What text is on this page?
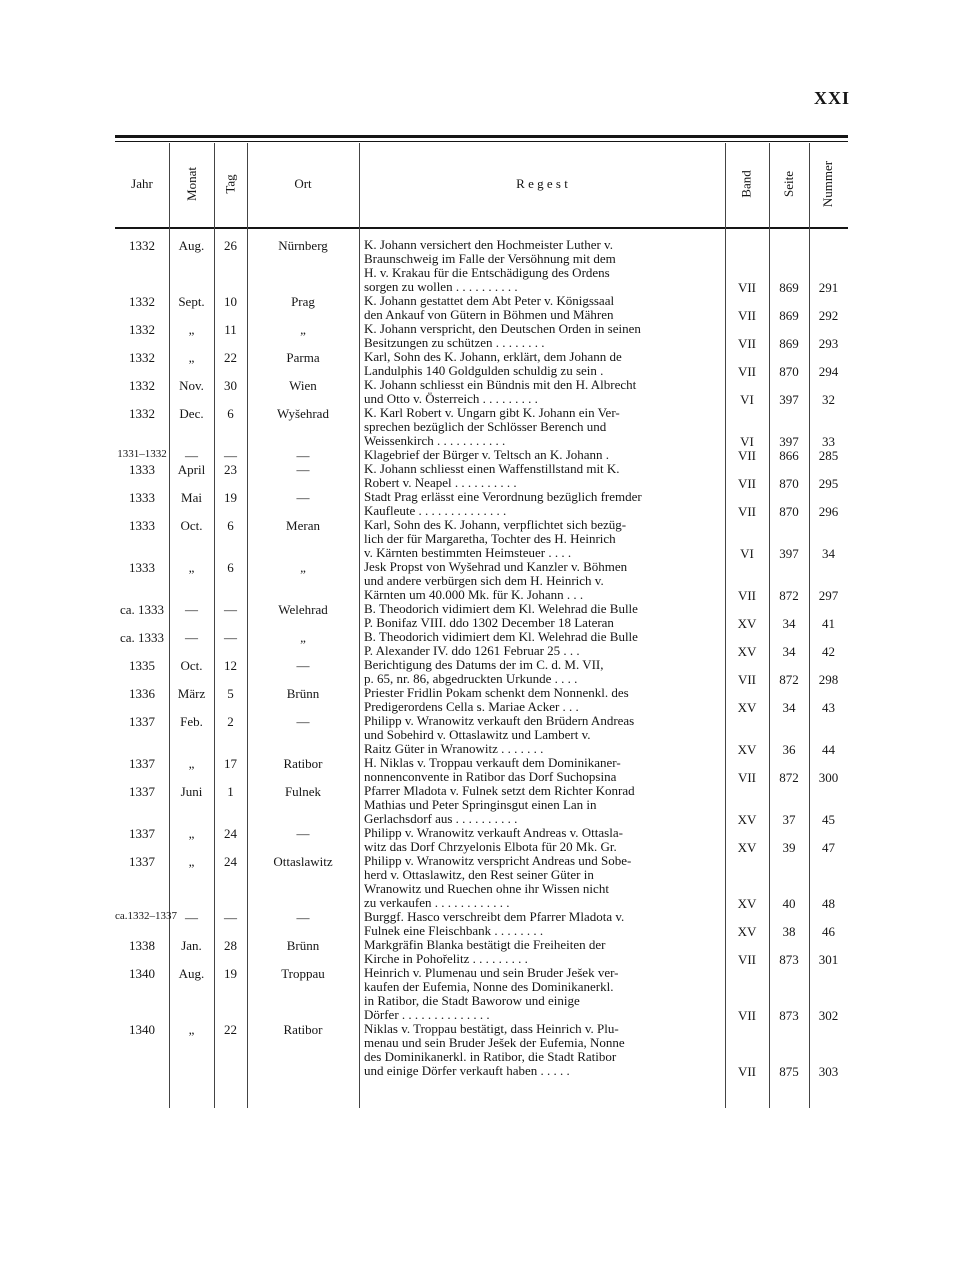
XXI
Jahr Monat Tag	Ort	R e g e s t	Band Seite Nummer
1332	Aug.	26	Nürnberg	K. Johann versichert den Hochmeister Luther v.
Braunschweig im Falle der Versöhnung mit dem
H. v. Krakau für die Entschädigung des Ordens
sorgen zu wollen . . . . . . . . . .	VII	869	291
1332	Sept.	10	Prag	K. Johann gestattet dem Abt Peter v. Königssaal
den Ankauf von Gütern in Böhmen und Mähren	VII	869	292
1332	„	11	„	K. Johann verspricht, den Deutschen Orden in seinen
Besitzungen zu schützen . . . . . . . .	VII	869	293
1332	„	22	Parma	Karl, Sohn des K. Johann, erklärt, dem Johann de
Landulphis 140 Goldgulden schuldig zu sein .	VII	870	294
1332	Nov.	30	Wien	K. Johann schliesst ein Bündnis mit den H. Albrecht
und Otto v. Österreich . . . . . . . . .	VI	397	32
1332	Dec.	6	Wyšehrad	K. Karl Robert v. Ungarn gibt K. Johann ein Ver-
sprechen bezüglich der Schlösser Berench und
Weissenkirch . . . . . . . . . . .	VI	397	33
1331–1332	—	—	—	Klagebrief der Bürger v. Teltsch an K. Johann .	VII	866	285
1333	April	23	—	K. Johann schliesst einen Waffenstillstand mit K.
Robert v. Neapel . . . . . . . . . .	VII	870	295
1333	Mai	19	—	Stadt Prag erlässt eine Verordnung bezüglich fremder
Kaufleute . . . . . . . . . . . . . .	VII	870	296
1333	Oct.	6	Meran	Karl, Sohn des K. Johann, verpflichtet sich bezüg-
lich der für Margaretha, Tochter des H. Heinrich
v. Kärnten bestimmten Heimsteuer . . . .	VI	397	34
1333	„	6	„	Jesk Propst von Wyšehrad und Kanzler v. Böhmen
und andere verbürgen sich dem H. Heinrich v.
Kärnten um 40.000 Mk. für K. Johann . . .	VII	872	297
ca. 1333	—	—	Welehrad	B. Theodorich vidimiert dem Kl. Welehrad die Bulle
P. Bonifaz VIII. ddo 1302 December 18 Lateran	XV	34	41
ca. 1333	—	—	„	B. Theodorich vidimiert dem Kl. Welehrad die Bulle
P. Alexander IV. ddo 1261 Februar 25 . . .	XV	34	42
1335	Oct.	12	—	Berichtigung des Datums der im C. d. M. VII,
p. 65, nr. 86, abgedruckten Urkunde . . . .	VII	872	298
1336	März	5	Brünn	Priester Fridlin Pokam schenkt dem Nonnenkl. des
Predigerordens Cella s. Mariae Acker . . .	XV	34	43
1337	Feb.	2	—	Philipp v. Wranowitz verkauft den Brüdern Andreas
und Sobehird v. Ottaslawitz und Lambert v.
Raitz Güter in Wranowitz . . . . . . .	XV	36	44
1337	„	17	Ratibor	H. Niklas v. Troppau verkauft dem Dominikaner-
nonnenconvente in Ratibor das Dorf Suchopsina	VII	872	300
1337	Juni	1	Fulnek	Pfarrer Mladota v. Fulnek setzt dem Richter Konrad
Mathias und Peter Springinsgut einen Lan in
Gerlachsdorf aus . . . . . . . . . .	XV	37	45
1337	„	24	—	Philipp v. Wranowitz verkauft Andreas v. Ottasla-
witz das Dorf Chrzyelonis Elbota für 20 Mk. Gr.	XV	39	47
1337	„	24	Ottaslawitz	Philipp v. Wranowitz verspricht Andreas und Sobe-
herd v. Ottaslawitz, den Rest seiner Güter in
Wranowitz und Ruechen ohne ihr Wissen nicht
zu verkaufen . . . . . . . . . . . .	XV	40	48
ca.1332–1337 —	—	—	Burggf. Hasco verschreibt dem Pfarrer Mladota v.
Fulnek eine Fleischbank . . . . . . . .	XV	38	46
1338	Jan.	28	Brünn	Markgräfin Blanka bestätigt die Freiheiten der
Kirche in Pohořelitz . . . . . . . . .	VII	873	301
1340	Aug.	19	Troppau	Heinrich v. Plumenau und sein Bruder Ješek ver-
kaufen der Eufemia, Nonne des Dominikanerkl.
in Ratibor, die Stadt Baworow und einige
Dörfer . . . . . . . . . . . . . .	VII	873	302
1340	„	22	Ratibor	Niklas v. Troppau bestätigt, dass Heinrich v. Plu-
menau und sein Bruder Ješek der Eufemia, Nonne
des Dominikanerkl. in Ratibor, die Stadt Ratibor
und einige Dörfer verkauft haben . . . . .	VII	875	303
